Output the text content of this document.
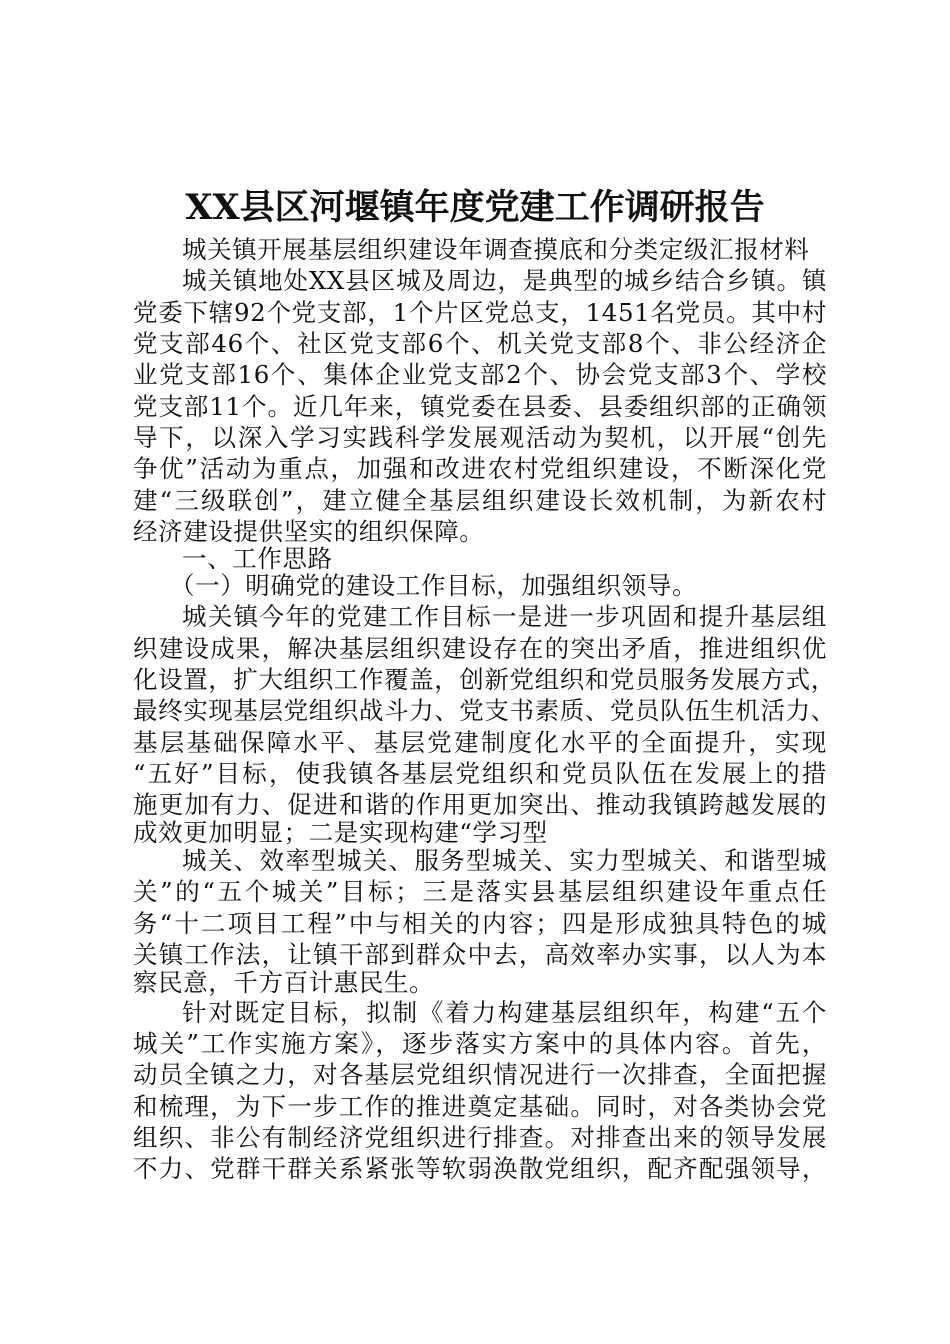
XX县区河堰镇年度党建工作调研报告
城关镇开展基层组织建设年调查摸底和分类定级汇报材料
城关镇地处XX县区城及周边，是典型的城乡结合乡镇。镇
党委下辖92个党支部，1个片区党总支，1451名党员。其中村
党支部46个、社区党支部6个、机关党支部8个、非公经济企
业党支部16个、集体企业党支部2个、协会党支部3个、学校
党支部11个。近几年来，镇党委在县委、县委组织部的正确领
导下，以深入学习实践科学发展观活动为契机，以开展“创先
争优”活动为重点，加强和改进农村党组织建设，不断深化党
建“三级联创”，建立健全基层组织建设长效机制，为新农村
经济建设提供坚实的组织保障。
一、工作思路
（一）明确党的建设工作目标，加强组织领导。
城关镇今年的党建工作目标一是进一步巩固和提升基层组
织建设成果，解决基层组织建设存在的突出矛盾，推进组织优
化设置，扩大组织工作覆盖，创新党组织和党员服务发展方式，
最终实现基层党组织战斗力、党支书素质、党员队伍生机活力、
基层基础保障水平、基层党建制度化水平的全面提升，实现
“五好”目标，使我镇各基层党组织和党员队伍在发展上的措
施更加有力、促进和谐的作用更加突出、推动我镇跨越发展的
成效更加明显；二是实现构建“学习型
城关、效率型城关、服务型城关、实力型城关、和谐型城
关”的“五个城关”目标；三是落实县基层组织建设年重点任
务“十二项目工程”中与相关的内容；四是形成独具特色的城
关镇工作法，让镇干部到群众中去，高效率办实事，以人为本
察民意，千方百计惠民生。
针对既定目标，拟制《着力构建基层组织年，构建“五个
城关”工作实施方案》，逐步落实方案中的具体内容。首先，
动员全镇之力，对各基层党组织情况进行一次排查，全面把握
和梳理，为下一步工作的推进奠定基础。同时，对各类协会党
组织、非公有制经济党组织进行排查。对排查出来的领导发展
不力、党群干群关系紧张等软弱涣散党组织，配齐配强领导，
